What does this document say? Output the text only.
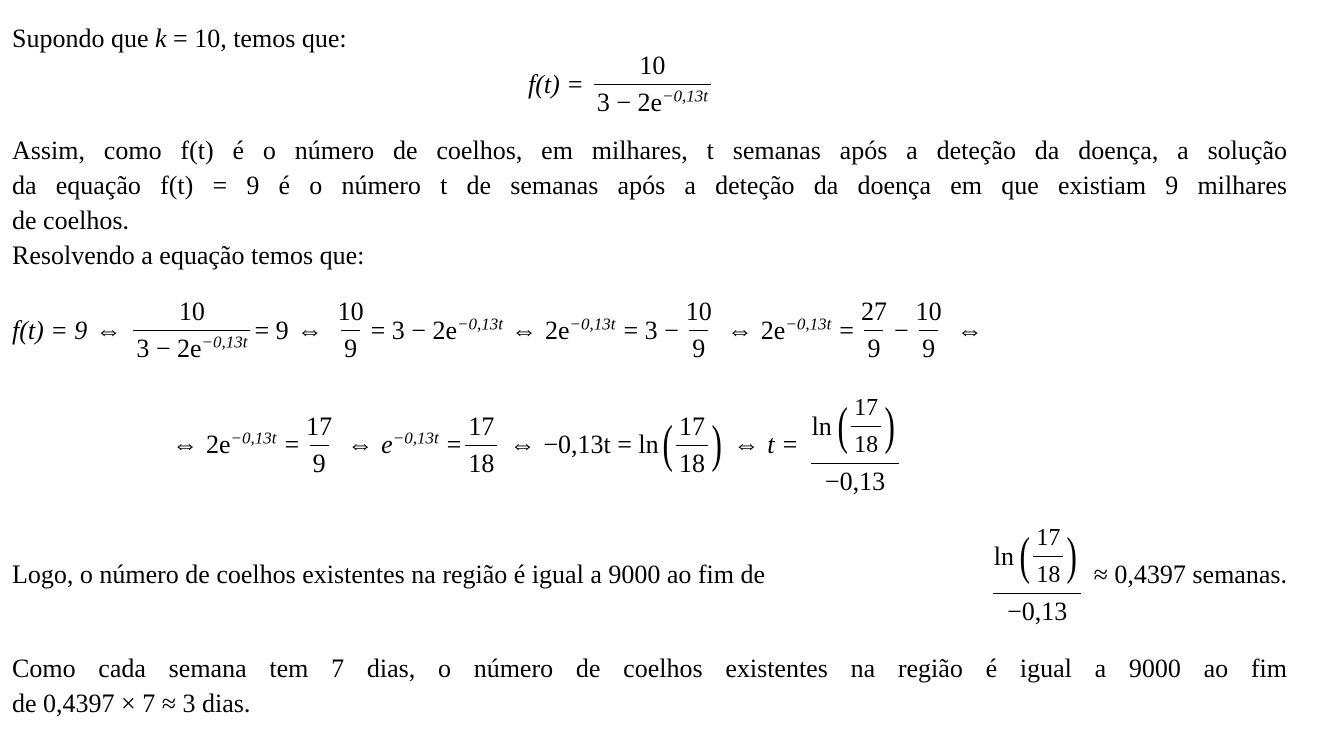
Supondo que k = 10, temos que:
$f(t) = \frac{10}{3 - 2e^{-0,13t}}$
Assim, como f(t) é o número de coelhos, em milhares, t semanas após a deteção da doença, a solução
da equação f(t) = 9 é o número t de semanas após a deteção da doença em que existiam 9 milhares
de coelhos.
Resolvendo a equação temos que:
f(t) = 9 ⇔ $\frac{10}{3 - 2e^{-0,13t}} = 9$ ⇔ $\frac{10}{9} = 3 - 2e^{-0,13t}$ ⇔ $2e^{-0,13t} = 3 - \frac{10}{9}$ ⇔ $2e^{-0,13t} = \frac{27}{9} - \frac{10}{9}$ ⇔
⇔ $2e^{-0,13t} = \frac{17}{9}$ ⇔ $e^{-0,13t} = \frac{17}{18}$ ⇔ −0,13t = ln ( $\frac{17}{18}$ ) ⇔ $t = \frac{\ln ( \frac{17}{18} )}{-0,13}$
Logo, o número de coelhos existentes na região é igual a 9000 ao fim de
ln ( $\frac{17}{18}$ )
−0,13
≈ 0,4397 semanas.
Como cada semana tem 7 dias, o número de coelhos existentes na região é igual a 9000 ao fim
de 0,4397 × 7 ≈ 3 dias.
